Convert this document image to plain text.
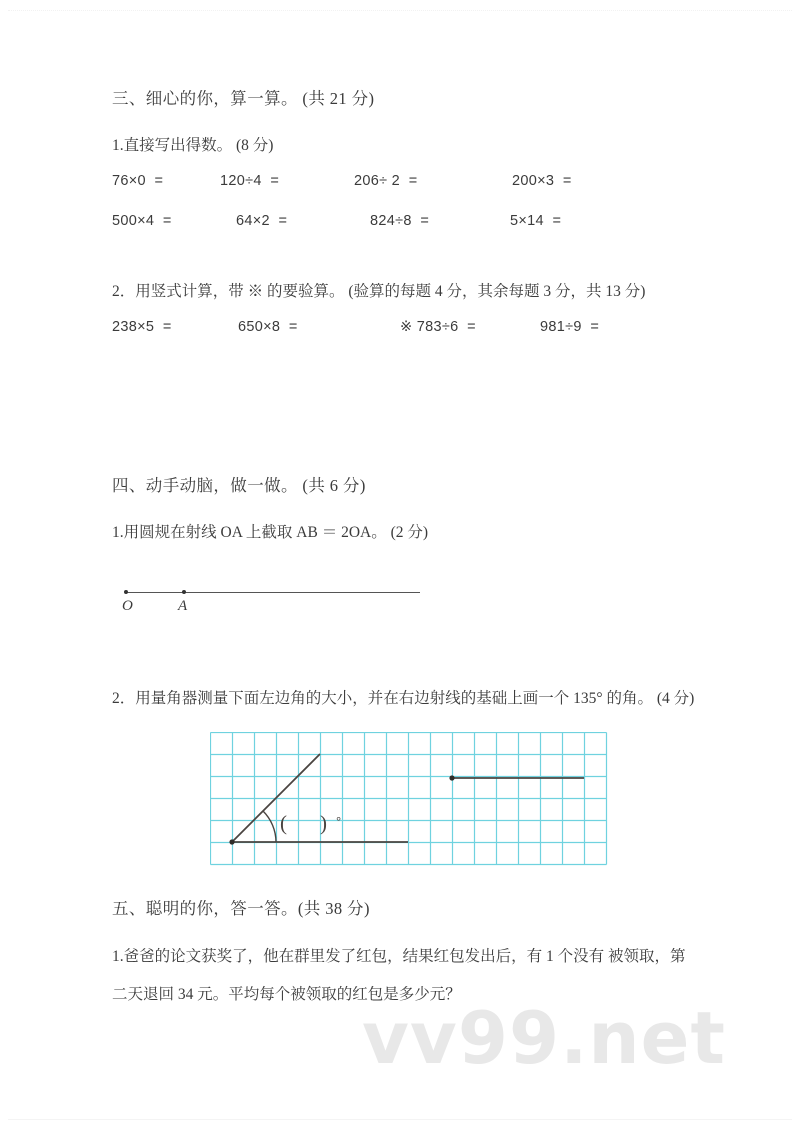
三、细心的你，算一算。 (共 21 分)

1.直接写出得数。 (8 分)

76×0  =	120÷4  =	206÷ 2  =	200×3  =
500×4  =	64×2  =	824÷8  =	5×14  =

2．用竖式计算，带 ※ 的要验算。 (验算的每题 4 分，其余每题 3 分，共 13 分)

238×5  =	650×8  =	※ 783÷6  =	981÷9  =

四、动手动脑，做一做。 (共 6 分)

1.用圆规在射线 OA 上截取 AB ＝ 2OA。 (2 分)

O	A

2．用量角器测量下面左边角的大小，并在右边射线的基础上画一个 135° 的角。 (4 分)

( ) °

五、聪明的你，答一答。(共 38 分)

1.爸爸的论文获奖了，他在群里发了红包，结果红包发出后，有 1 个没有 被领取，第二天退回 34 元。平均每个被领取的红包是多少元？

vv99.net
